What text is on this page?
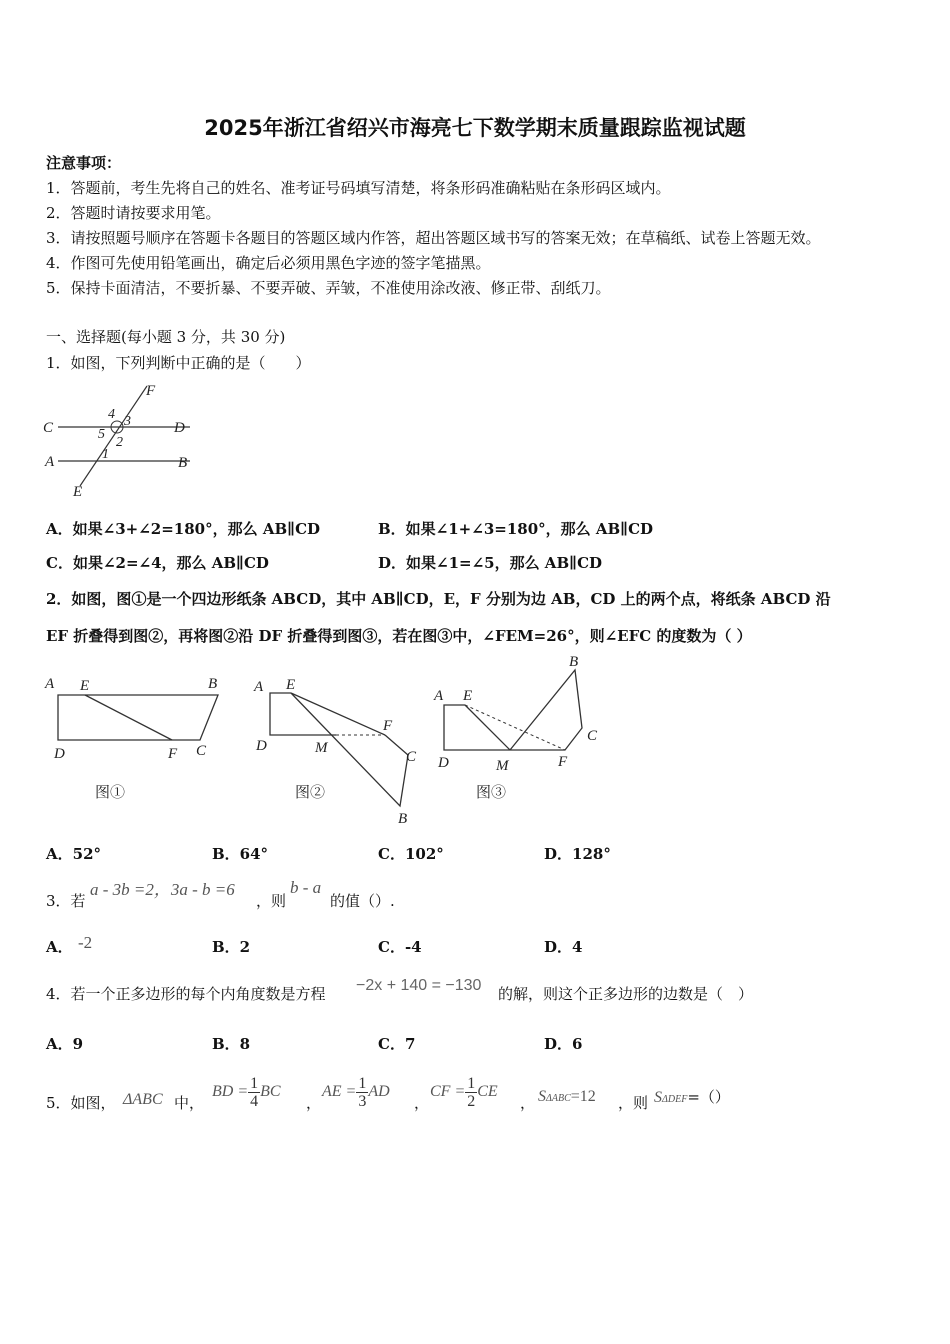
2025年浙江省绍兴市海亮七下数学期末质量跟踪监视试题
注意事项：
1．答题前，考生先将自己的姓名、准考证号码填写清楚，将条形码准确粘贴在条形码区域内。
2．答题时请按要求用笔。
3．请按照题号顺序在答题卡各题目的答题区域内作答，超出答题区域书写的答案无效；在草稿纸、试卷上答题无效。
4．作图可先使用铅笔画出，确定后必须用黑色字迹的签字笔描黑。
5．保持卡面清洁，不要折暴、不要弄破、弄皱，不准使用涂改液、修正带、刮纸刀。
一、选择题(每小题 3 分，共 30 分)
1．如图，下列判断中正确的是（　　）
F
C	D
A	B
E
1
2
3
4
5
A．如果∠3+∠2=180°，那么 AB∥CD	B．如果∠1+∠3=180°，那么 AB∥CD
C．如果∠2=∠4，那么 AB∥CD	D．如果∠1=∠5，那么 AB∥CD
2．如图，图①是一个四边形纸条 ABCD，其中 AB∥CD，E，F 分别为边 AB，CD 上的两个点，将纸条 ABCD 沿
EF 折叠得到图②，再将图②沿 DF 折叠得到图③，若在图③中，∠FEM=26°，则∠EFC 的度数为（ ）
A E	B
D	F C
图①
A E
F
D	M
C
B
图②
A E
B
C
D	M	F
图③
A．52°	B．64°	C．102°	D．128°
3．若
a - 3b =2，3a - b =6
，则
b - a
的值（）.
A． -2	B．2	C．-4	D．4
4．若一个正多边形的每个内角度数是方程 −2x + 140 = −130 的解，则这个正多边形的边数是（　）
A．9	B．8	C．7	D．6
5．如图， ΔABC 中，
BD = $\frac{1}{4}$ BC
，
AE = $\frac{1}{3}$ AD
，
CF = $\frac{1}{2}$ CE
， SΔABC=12 ，则 SΔDEF=（）
